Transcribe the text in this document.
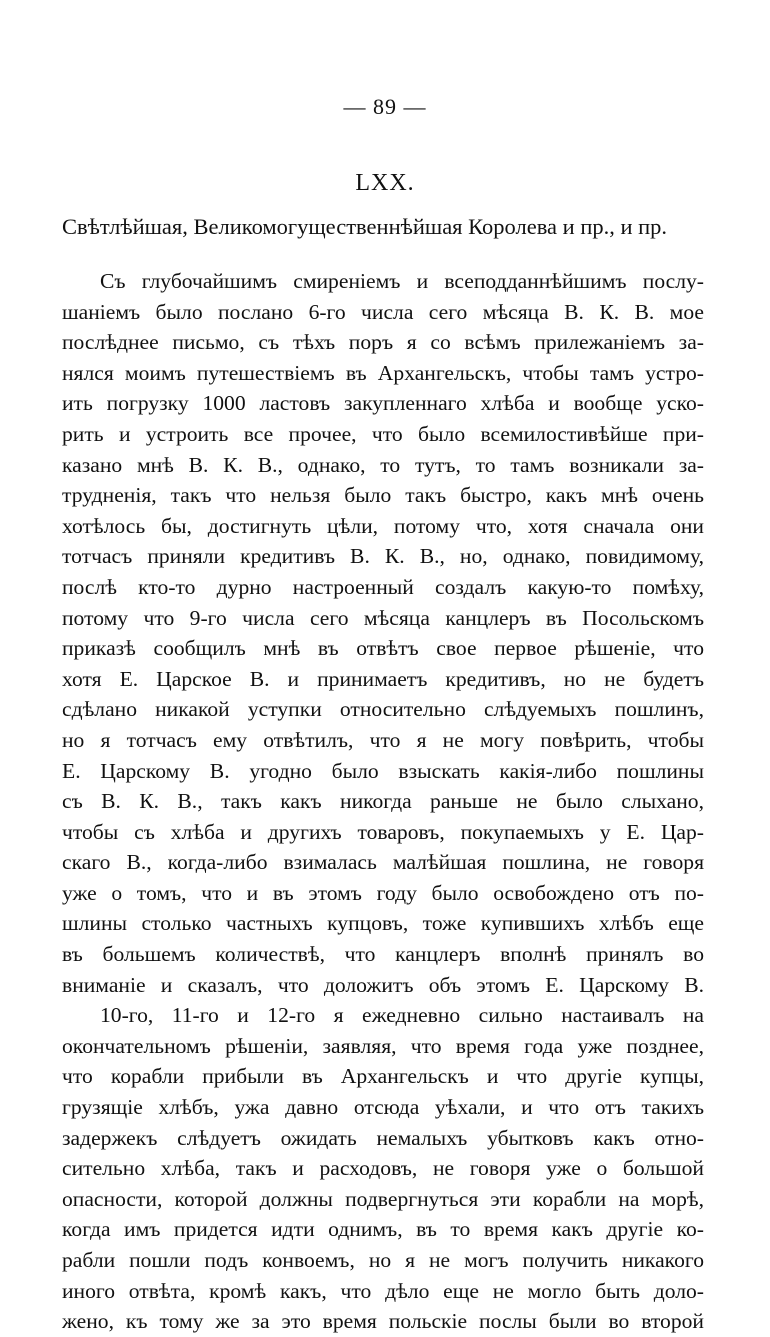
— 89 —
LXX.
Свѣтлѣйшая, Великомогущественнѣйшая Королева и пр., и пр.
Съ глубочайшимъ смиреніемъ и всеподданнѣйшимъ послу-
шаніемъ было послано 6-го числа сего мѣсяца В. К. В. мое
послѣднее письмо, съ тѣхъ поръ я со всѣмъ прилежаніемъ за-
нялся моимъ путешествіемъ въ Архангельскъ, чтобы тамъ устро-
ить погрузку 1000 ластовъ закупленнаго хлѣба и вообще уско-
рить и устроить все прочее, что было всемилостивѣйше при-
казано мнѣ В. К. В., однако, то тутъ, то тамъ возникали за-
трудненія, такъ что нельзя было такъ быстро, какъ мнѣ очень
хотѣлось бы, достигнуть цѣли, потому что, хотя сначала они
тотчасъ приняли кредитивъ В. К. В., но, однако, повидимому,
послѣ кто-то дурно настроенный создалъ какую-то помѣху,
потому что 9-го числа сего мѣсяца канцлеръ въ Посольскомъ
приказѣ сообщилъ мнѣ въ отвѣтъ свое первое рѣшеніе, что
хотя Е. Царское В. и принимаетъ кредитивъ, но не будетъ
сдѣлано никакой уступки относительно слѣдуемыхъ пошлинъ,
но я тотчасъ ему отвѣтилъ, что я не могу повѣрить, чтобы
Е. Царскому В. угодно было взыскать какія-либо пошлины
съ В. К. В., такъ какъ никогда раньше не было слыхано,
чтобы съ хлѣба и другихъ товаровъ, покупаемыхъ у Е. Цар-
скаго В., когда-либо взималась малѣйшая пошлина, не говоря
уже о томъ, что и въ этомъ году было освобождено отъ по-
шлины столько частныхъ купцовъ, тоже купившихъ хлѣбъ еще
въ большемъ количествѣ, что канцлеръ вполнѣ принялъ во
вниманіе и сказалъ, что доложитъ объ этомъ Е. Царскому В.
10-го, 11-го и 12-го я ежедневно сильно настаивалъ на
окончательномъ рѣшеніи, заявляя, что время года уже позднее,
что корабли прибыли въ Архангельскъ и что другіе купцы,
грузящіе хлѣбъ, ужа давно отсюда уѣхали, и что отъ такихъ
задержекъ слѣдуетъ ожидать немалыхъ убытковъ какъ отно-
сительно хлѣба, такъ и расходовъ, не говоря уже о большой
опасности, которой должны подвергнуться эти корабли на морѣ,
когда имъ придется идти однимъ, въ то время какъ другіе ко-
рабли пошли подъ конвоемъ, но я не могъ получить никакого
иного отвѣта, кромѣ какъ, что дѣло еще не могло быть доло-
жено, къ тому же за это время польскіе послы были во второй
